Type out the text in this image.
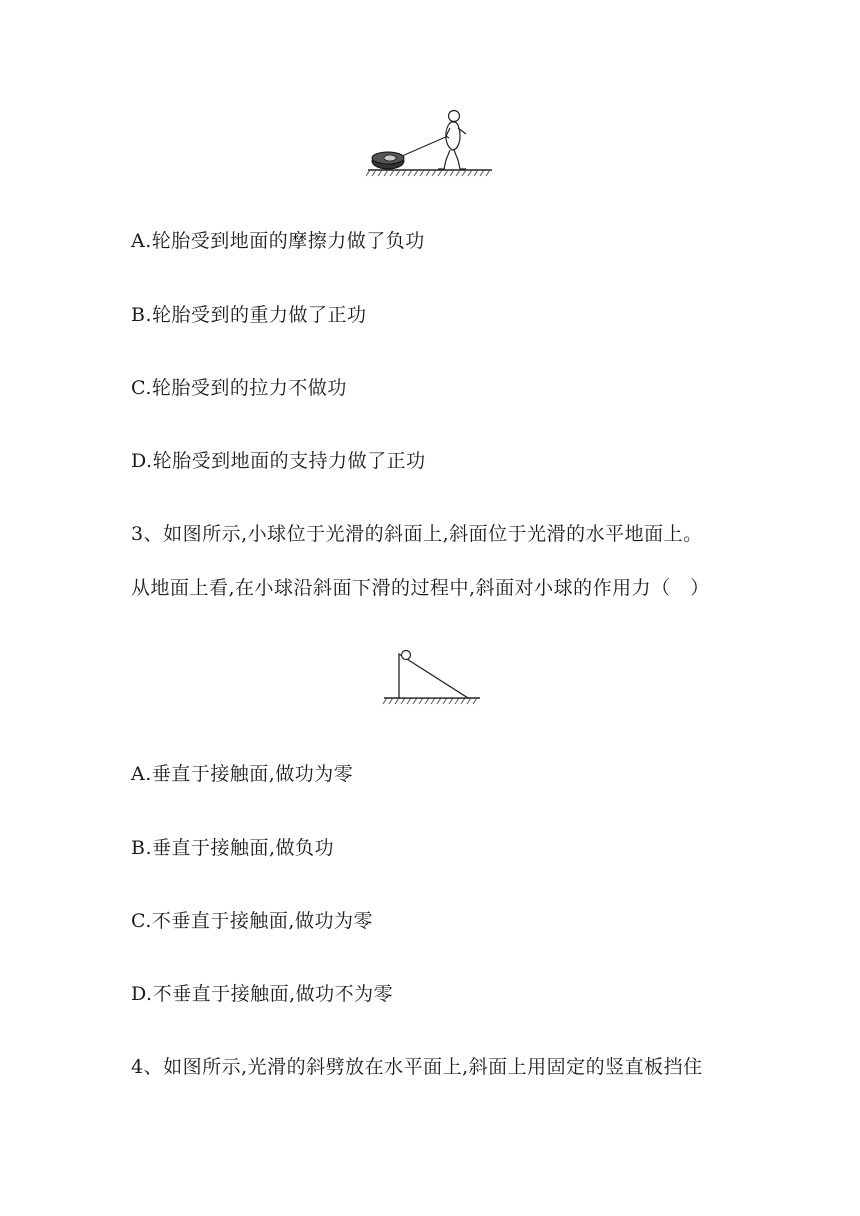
A.轮胎受到地面的摩擦力做了负功
B.轮胎受到的重力做了正功
C.轮胎受到的拉力不做功
D.轮胎受到地面的支持力做了正功
3、如图所示,小球位于光滑的斜面上,斜面位于光滑的水平地面上。
从地面上看,在小球沿斜面下滑的过程中,斜面对小球的作用力（　）
A.垂直于接触面,做功为零
B.垂直于接触面,做负功
C.不垂直于接触面,做功为零
D.不垂直于接触面,做功不为零
4、如图所示,光滑的斜劈放在水平面上,斜面上用固定的竖直板挡住
